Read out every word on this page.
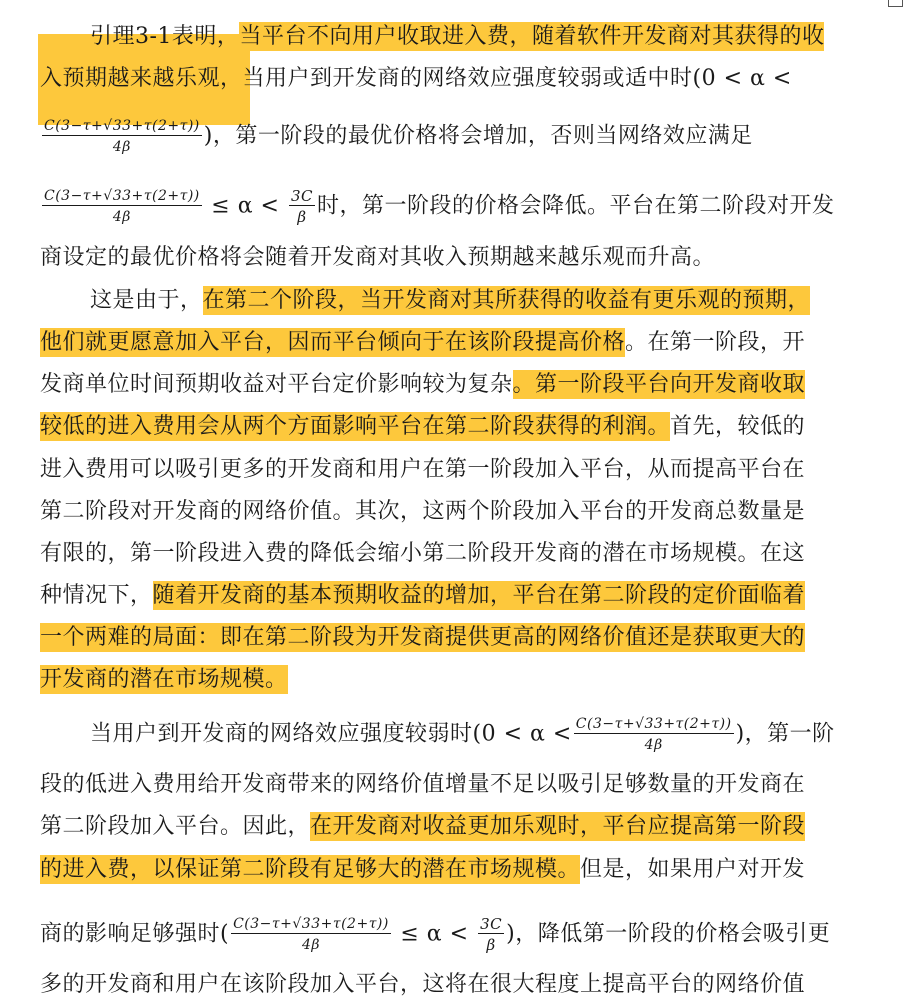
引理3-1表明，当平台不向用户收取进入费，随着软件开发商对其获得的收
入预期越来越乐观，当用户到开发商的网络效应强度较弱或适中时(0 < α <
$\frac{C(3-\tau+√33+\tau(2+\tau))}{4\beta}$ )，第一阶段的最优价格将会增加，否则当网络效应满足
$\frac{C(3-\tau+√33+\tau(2+\tau))}{4\beta} \le \alpha < \frac{3C}{\beta}$ 时，第一阶段的价格会降低。平台在第二阶段对开发
商设定的最优价格将会随着开发商对其收入预期越来越乐观而升高。
这是由于，在第二个阶段，当开发商对其所获得的收益有更乐观的预期，
他们就更愿意加入平台，因而平台倾向于在该阶段提高价格。在第一阶段，开
发商单位时间预期收益对平台定价影响较为复杂。第一阶段平台向开发商收取
较低的进入费用会从两个方面影响平台在第二阶段获得的利润。首先，较低的
进入费用可以吸引更多的开发商和用户在第一阶段加入平台，从而提高平台在
第二阶段对开发商的网络价值。其次，这两个阶段加入平台的开发商总数量是
有限的，第一阶段进入费的降低会缩小第二阶段开发商的潜在市场规模。在这
种情况下，随着开发商的基本预期收益的增加，平台在第二阶段的定价面临着
一个两难的局面：即在第二阶段为开发商提供更高的网络价值还是获取更大的
开发商的潜在市场规模。
当用户到开发商的网络效应强度较弱时($0 < \alpha < \frac{C(3-\tau+√33+\tau(2+\tau))}{4\beta}$ )，第一阶
段的低进入费用给开发商带来的网络价值增量不足以吸引足够数量的开发商在
第二阶段加入平台。因此，在开发商对收益更加乐观时，平台应提高第一阶段
的进入费，以保证第二阶段有足够大的潜在市场规模。但是，如果用户对开发
商的影响足够强时( $\frac{C(3-\tau+√33+\tau(2+\tau))}{4\beta} \le \alpha < \frac{3C}{\beta}$ )，降低第一阶段的价格会吸引更
多的开发商和用户在该阶段加入平台，这将在很大程度上提高平台的网络价值
